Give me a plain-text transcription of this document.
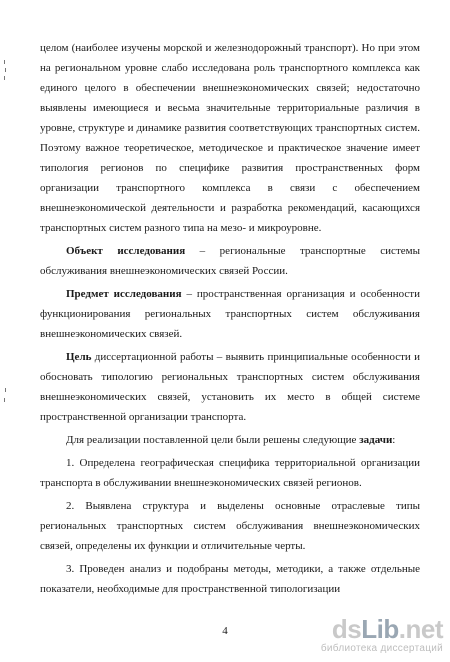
целом (наиболее изучены морской и железнодорожный транспорт). Но при этом на региональном уровне слабо исследована роль транспортного комплекса как единого целого в обеспечении внешнеэкономических связей; недостаточно выявлены имеющиеся и весьма значительные территориальные различия в уровне, структуре и динамике развития соответствующих транспортных систем. Поэтому важное теоретическое, методическое и практическое значение имеет типология регионов по специфике развития пространственных форм организации транспортного комплекса в связи с обеспечением внешнеэкономической деятельности и разработка рекомендаций, касающихся транспортных систем разного типа на мезо- и микроуровне.

Объект исследования – региональные транспортные системы обслуживания внешнеэкономических связей России.

Предмет исследования – пространственная организация и особенности функционирования региональных транспортных систем обслуживания внешнеэкономических связей.

Цель диссертационной работы – выявить принципиальные особенности и обосновать типологию региональных транспортных систем обслуживания внешнеэкономических связей, установить их место в общей системе пространственной организации транспорта.

Для реализации поставленной цели были решены следующие задачи:

1. Определена географическая специфика территориальной организации транспорта в обслуживании внешнеэкономических связей регионов.

2. Выявлена структура и выделены основные отраслевые типы региональных транспортных систем обслуживания внешнеэкономических связей, определены их функции и отличительные черты.

3. Проведен анализ и подобраны методы, методики, а также отдельные показатели, необходимые для пространственной типологизации

4	dsLib.net
библиотека диссертаций
